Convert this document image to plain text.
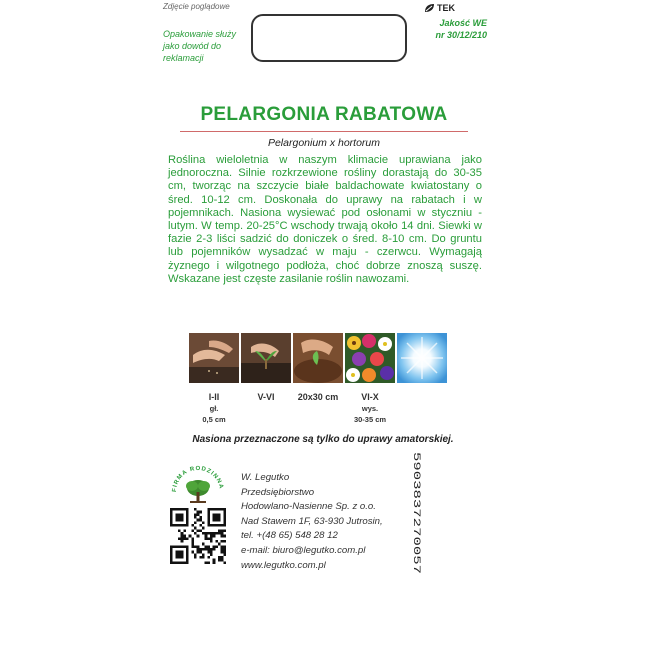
Zdjęcie poglądowe
Opakowanie służy jako dowód do reklamacji
TEK
Jakość WE
nr 30/12/210
PELARGONIA RABATOWA
Pelargonium x hortorum
Roślina wieloletnia w naszym klimacie uprawiana jako jednoroczna. Silnie rozkrzewione rośliny dorastają do 30-35 cm, tworząc na szczycie białe baldachowate kwiatostany o śred. 10-12 cm. Doskonała do uprawy na rabatach i w pojemnikach. Nasiona wysiewać pod osłonami w styczniu - lutym. W temp. 20-25°C wschody trwają około 14 dni. Siewki w fazie 2-3 liści sadzić do doniczek o śred. 8-10 cm. Do gruntu lub pojemników wysadzać w maju - czerwcu. Wymagają żyznego i wilgotnego podłoża, choć dobrze znoszą suszę. Wskazane jest częste zasilanie roślin nawozami.
I-II
gł.
0,5 cm
V-VI	20x30 cm	VI-X
wys.
30-35 cm
Nasiona przeznaczone są tylko do uprawy amatorskiej.
FIRMA RODZINNA
W. Legutko
Przedsiębiorstwo
Hodowlano-Nasienne Sp. z o.o.
Nad Stawem 1F, 63-930 Jutrosin,
tel. +(48 65) 548 28 12
e-mail: biuro@legutko.com.pl
www.legutko.com.pl
5903837270057
